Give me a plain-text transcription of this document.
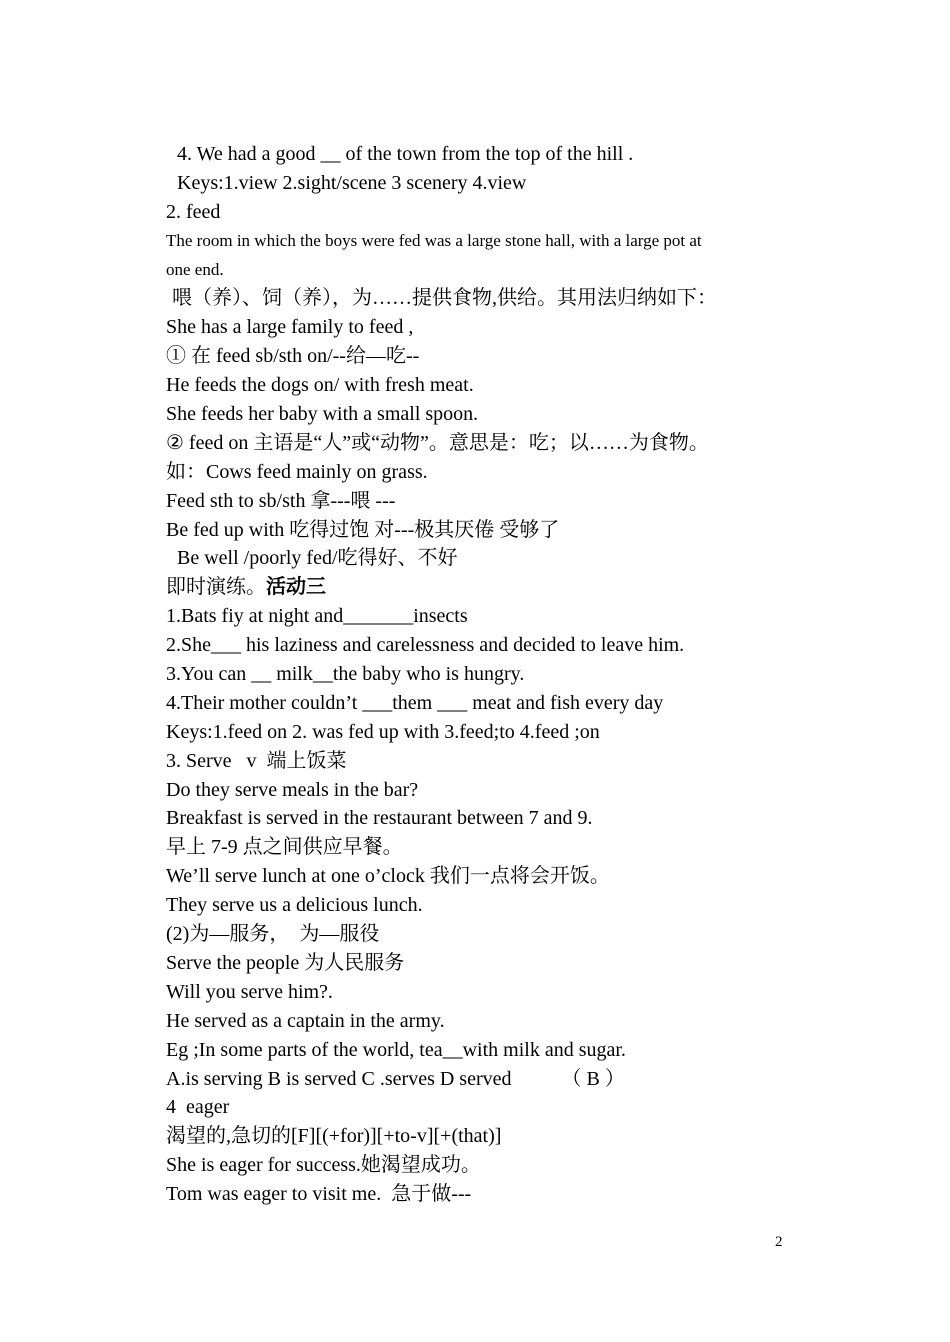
4. We had a good __ of the town from the top of the hill .
Keys:1.view 2.sight/scene 3 scenery 4.view
2. feed
The room in which the boys were fed was a large stone hall, with a large pot at
one end.
喂（养）、饲（养），为……提供食物,供给。其用法归纳如下：
She has a large family to feed ,
① 在 feed sb/sth on/--给—吃--
He feeds the dogs on/ with fresh meat.
She feeds her baby with a small spoon.
② feed on 主语是“人”或“动物”。意思是：吃；以……为食物。
如：Cows feed mainly on grass.
Feed sth to sb/sth 拿---喂 ---
Be fed up with 吃得过饱 对---极其厌倦 受够了
Be well /poorly fed/吃得好、不好
即时演练。活动三
1.Bats fiy at night and_______insects
2.She___ his laziness and carelessness and decided to leave him.
3.You can __ milk__the baby who is hungry.
4.Their mother couldn’t ___them ___ meat and fish every day
Keys:1.feed on 2. was fed up with 3.feed;to 4.feed ;on
3. Serve   v  端上饭菜
Do they serve meals in the bar?
Breakfast is served in the restaurant between 7 and 9.
早上 7-9 点之间供应早餐。
We’ll serve lunch at one o’clock 我们一点将会开饭。
They serve us a delicious lunch.
(2)为—服务，  为—服役
Serve the people 为人民服务
Will you serve him?.
He served as a captain in the army.
Eg ;In some parts of the world, tea__with milk and sugar.
A.is serving B is served C .serves D served          （ B ）
4  eager
渴望的,急切的[F][(+for)][+to-v][+(that)]
She is eager for success.她渴望成功。
Tom was eager to visit me.  急于做---
2
